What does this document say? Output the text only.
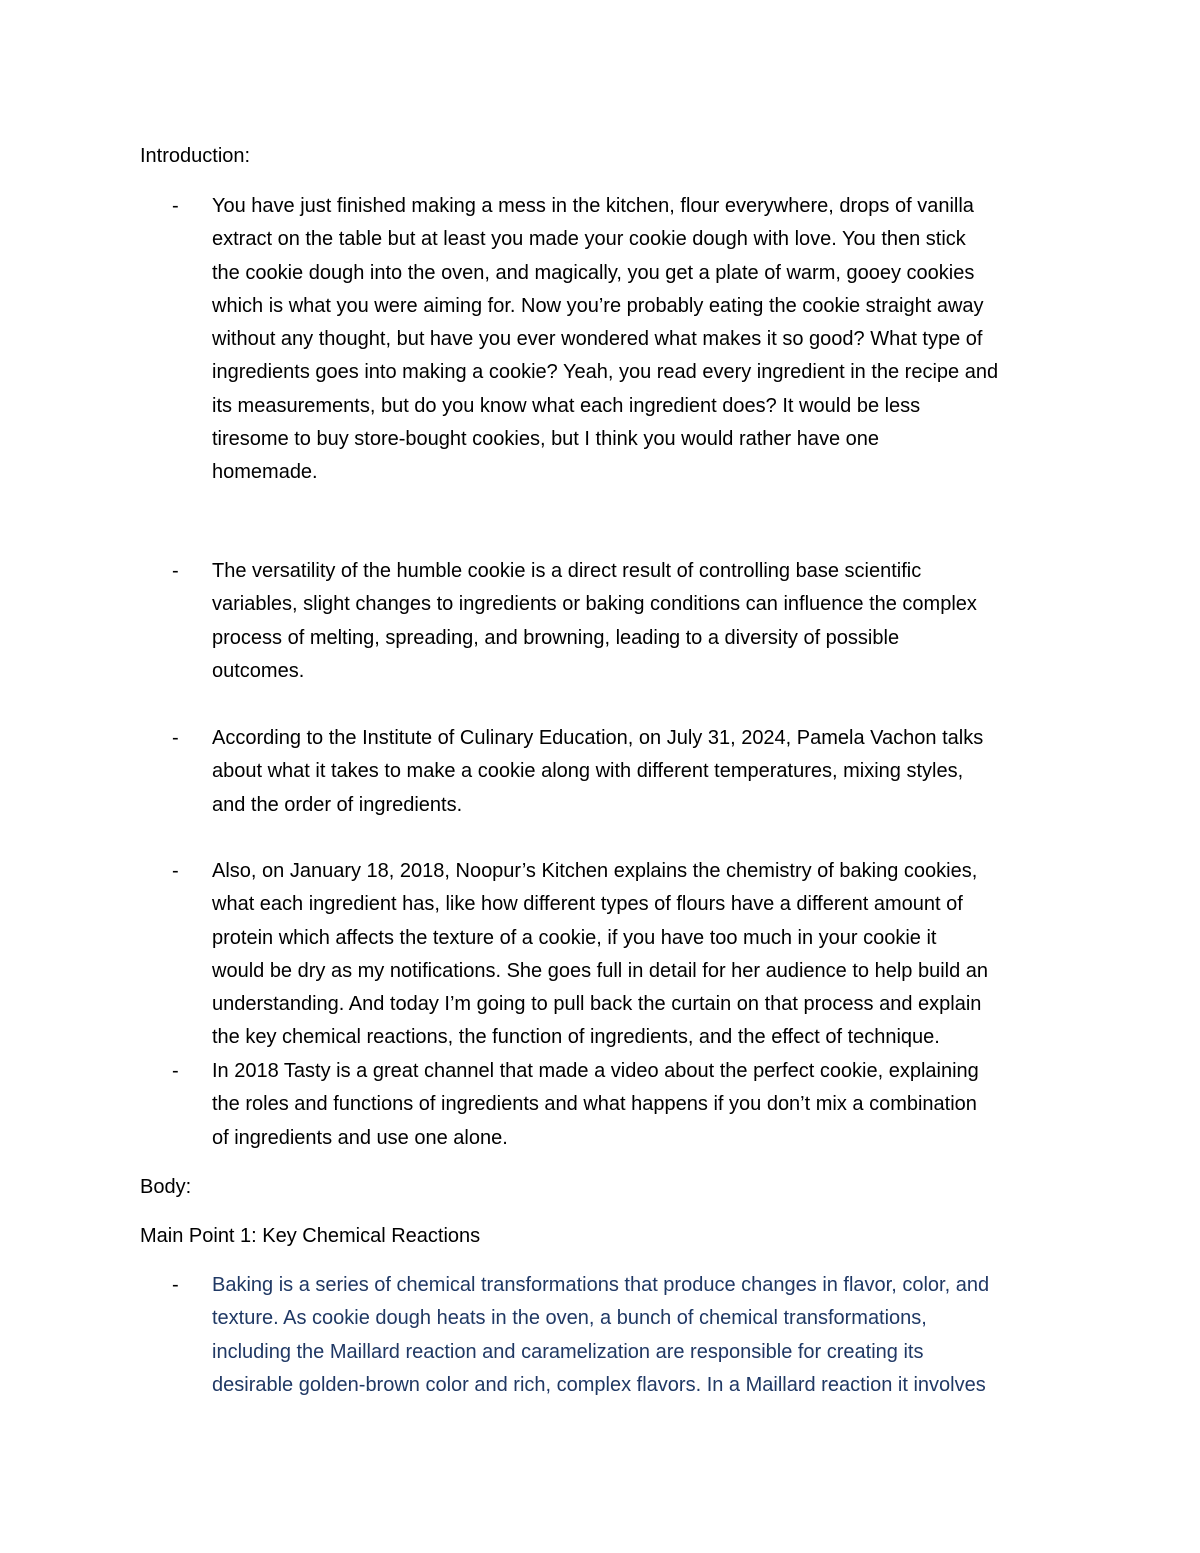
Introduction:
-	You have just finished making a mess in the kitchen, flour everywhere, drops of vanilla
extract on the table but at least you made your cookie dough with love. You then stick
the cookie dough into the oven, and magically, you get a plate of warm, gooey cookies
which is what you were aiming for. Now you’re probably eating the cookie straight away
without any thought, but have you ever wondered what makes it so good? What type of
ingredients goes into making a cookie? Yeah, you read every ingredient in the recipe and
its measurements, but do you know what each ingredient does? It would be less
tiresome to buy store-bought cookies, but I think you would rather have one
homemade.
-	The versatility of the humble cookie is a direct result of controlling base scientific
variables, slight changes to ingredients or baking conditions can influence the complex
process of melting, spreading, and browning, leading to a diversity of possible
outcomes.
-	According to the Institute of Culinary Education, on July 31, 2024, Pamela Vachon talks
about what it takes to make a cookie along with different temperatures, mixing styles,
and the order of ingredients.
-	Also, on January 18, 2018, Noopur’s Kitchen explains the chemistry of baking cookies,
what each ingredient has, like how different types of flours have a different amount of
protein which affects the texture of a cookie, if you have too much in your cookie it
would be dry as my notifications. She goes full in detail for her audience to help build an
understanding. And today I’m going to pull back the curtain on that process and explain
the key chemical reactions, the function of ingredients, and the effect of technique.
-	In 2018 Tasty is a great channel that made a video about the perfect cookie, explaining
the roles and functions of ingredients and what happens if you don’t mix a combination
of ingredients and use one alone.
Body:
Main Point 1: Key Chemical Reactions
-	Baking is a series of chemical transformations that produce changes in flavor, color, and
texture. As cookie dough heats in the oven, a bunch of chemical transformations,
including the Maillard reaction and caramelization are responsible for creating its
desirable golden-brown color and rich, complex flavors. In a Maillard reaction it involves
